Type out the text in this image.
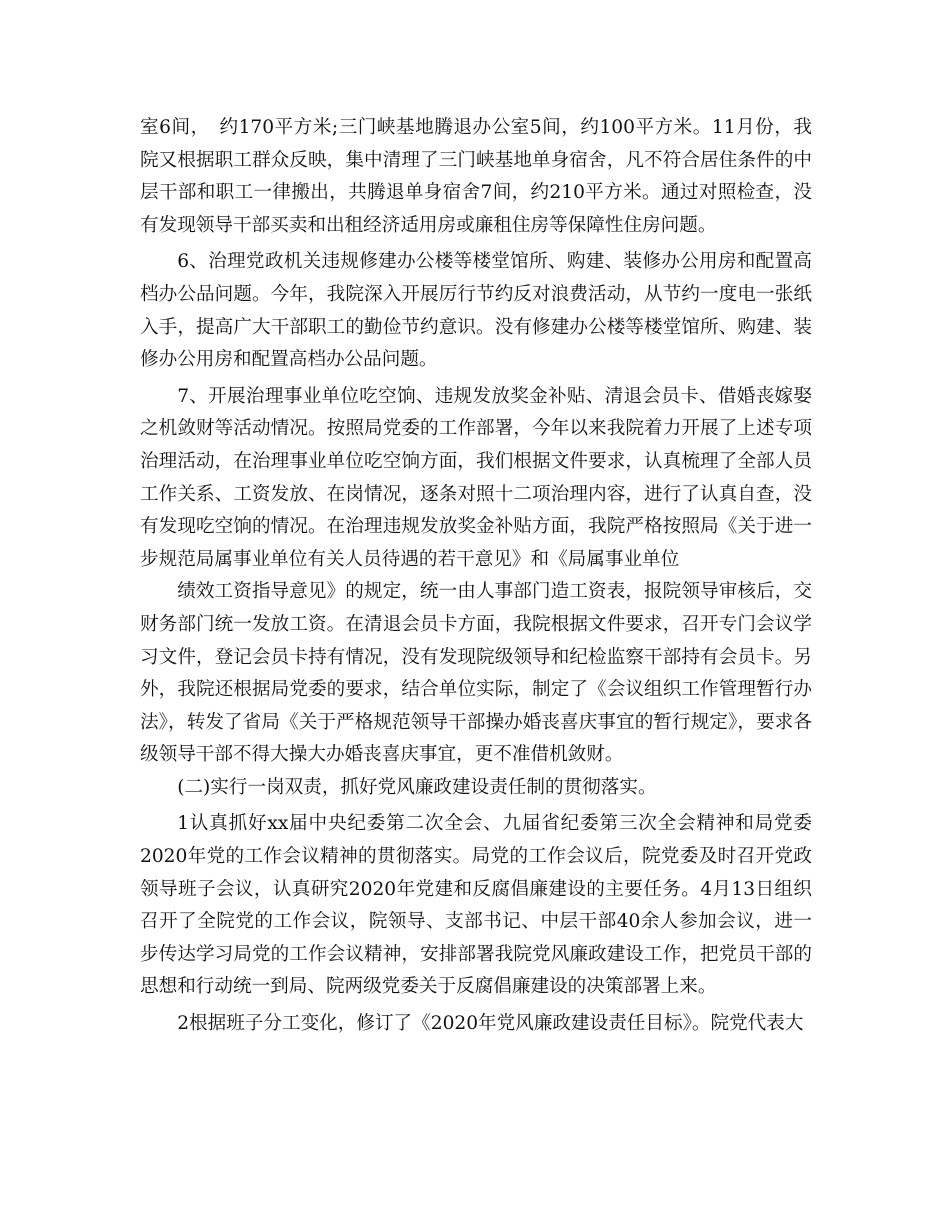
室6间，　约170平方米;三门峡基地腾退办公室5间，约100平方米。11月份，我院又根据职工群众反映，集中清理了三门峡基地单身宿舍，凡不符合居住条件的中层干部和职工一律搬出，共腾退单身宿舍7间，约210平方米。通过对照检查，没有发现领导干部买卖和出租经济适用房或廉租住房等保障性住房问题。

6、治理党政机关违规修建办公楼等楼堂馆所、购建、装修办公用房和配置高档办公品问题。今年，我院深入开展厉行节约反对浪费活动，从节约一度电一张纸入手，提高广大干部职工的勤俭节约意识。没有修建办公楼等楼堂馆所、购建、装修办公用房和配置高档办公品问题。

7、开展治理事业单位吃空饷、违规发放奖金补贴、清退会员卡、借婚丧嫁娶之机敛财等活动情况。按照局党委的工作部署，今年以来我院着力开展了上述专项治理活动，在治理事业单位吃空饷方面，我们根据文件要求，认真梳理了全部人员工作关系、工资发放、在岗情况，逐条对照十二项治理内容，进行了认真自查，没有发现吃空饷的情况。在治理违规发放奖金补贴方面，我院严格按照局《关于进一步规范局属事业单位有关人员待遇的若干意见》和《局属事业单位

绩效工资指导意见》的规定，统一由人事部门造工资表，报院领导审核后，交财务部门统一发放工资。在清退会员卡方面，我院根据文件要求，召开专门会议学习文件，登记会员卡持有情况，没有发现院级领导和纪检监察干部持有会员卡。另外，我院还根据局党委的要求，结合单位实际，制定了《会议组织工作管理暂行办法》，转发了省局《关于严格规范领导干部操办婚丧喜庆事宜的暂行规定》，要求各级领导干部不得大操大办婚丧喜庆事宜，更不准借机敛财。

(二)实行一岗双责，抓好党风廉政建设责任制的贯彻落实。

1认真抓好xx届中央纪委第二次全会、九届省纪委第三次全会精神和局党委2020年党的工作会议精神的贯彻落实。局党的工作会议后，院党委及时召开党政领导班子会议，认真研究2020年党建和反腐倡廉建设的主要任务。4月13日组织召开了全院党的工作会议，院领导、支部书记、中层干部40余人参加会议，进一步传达学习局党的工作会议精神，安排部署我院党风廉政建设工作，把党员干部的思想和行动统一到局、院两级党委关于反腐倡廉建设的决策部署上来。

2根据班子分工变化，修订了《2020年党风廉政建设责任目标》。院党代表大
